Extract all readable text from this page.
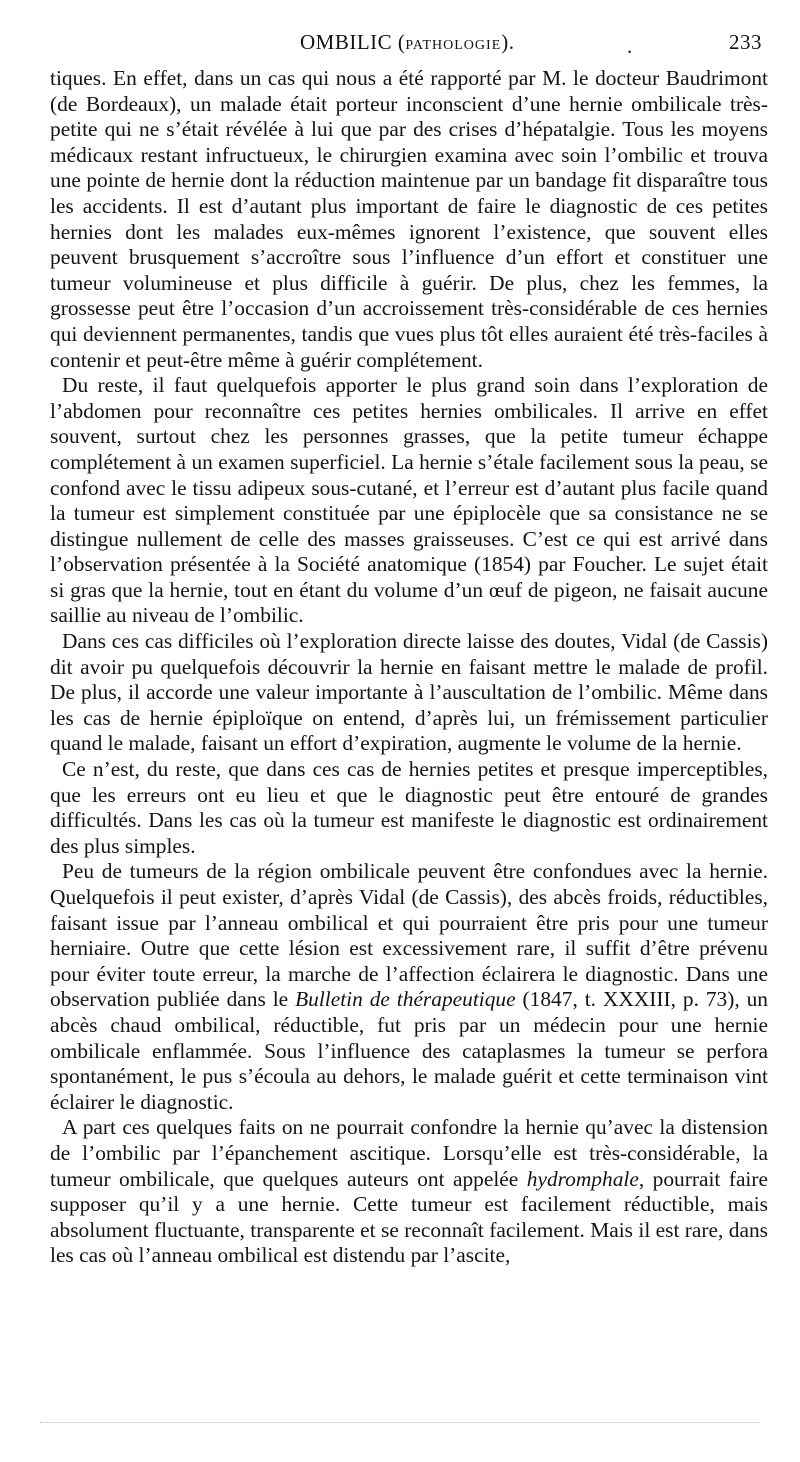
OMBILIC (PATHOLOGIE).	.	233

tiques. En effet, dans un cas qui nous a été rapporté par M. le docteur Baudrimont (de Bordeaux), un malade était porteur inconscient d’une hernie ombilicale très-petite qui ne s’était révélée à lui que par des crises d’hépatalgie. Tous les moyens médicaux restant infructueux, le chirurgien examina avec soin l’ombilic et trouva une pointe de hernie dont la réduction maintenue par un bandage fit disparaître tous les accidents. Il est d’autant plus important de faire le diagnostic de ces petites hernies dont les malades eux-mêmes ignorent l’existence, que souvent elles peuvent brusquement s’accroître sous l’influence d’un effort et constituer une tumeur volumineuse et plus difficile à guérir. De plus, chez les femmes, la grossesse peut être l’occasion d’un accroissement très-considérable de ces hernies qui deviennent permanentes, tandis que vues plus tôt elles auraient été très-faciles à contenir et peut-être même à guérir complétement.

Du reste, il faut quelquefois apporter le plus grand soin dans l’exploration de l’abdomen pour reconnaître ces petites hernies ombilicales. Il arrive en effet souvent, surtout chez les personnes grasses, que la petite tumeur échappe complétement à un examen superficiel. La hernie s’étale facilement sous la peau, se confond avec le tissu adipeux sous-cutané, et l’erreur est d’autant plus facile quand la tumeur est simplement constituée par une épiplocèle que sa consistance ne se distingue nullement de celle des masses graisseuses. C’est ce qui est arrivé dans l’observation présentée à la Société anatomique (1854) par Foucher. Le sujet était si gras que la hernie, tout en étant du volume d’un œuf de pigeon, ne faisait aucune saillie au niveau de l’ombilic.

Dans ces cas difficiles où l’exploration directe laisse des doutes, Vidal (de Cassis) dit avoir pu quelquefois découvrir la hernie en faisant mettre le malade de profil. De plus, il accorde une valeur importante à l’auscultation de l’ombilic. Même dans les cas de hernie épiploïque on entend, d’après lui, un frémissement particulier quand le malade, faisant un effort d’expiration, augmente le volume de la hernie.

Ce n’est, du reste, que dans ces cas de hernies petites et presque imperceptibles, que les erreurs ont eu lieu et que le diagnostic peut être entouré de grandes difficultés. Dans les cas où la tumeur est manifeste le diagnostic est ordinairement des plus simples.

Peu de tumeurs de la région ombilicale peuvent être confondues avec la hernie. Quelquefois il peut exister, d’après Vidal (de Cassis), des abcès froids, réductibles, faisant issue par l’anneau ombilical et qui pourraient être pris pour une tumeur herniaire. Outre que cette lésion est excessivement rare, il suffit d’être prévenu pour éviter toute erreur, la marche de l’affection éclairera le diagnostic. Dans une observation publiée dans le Bulletin de thérapeutique (1847, t. XXXIII, p. 73), un abcès chaud ombilical, réductible, fut pris par un médecin pour une hernie ombilicale enflammée. Sous l’influence des cataplasmes la tumeur se perfora spontanément, le pus s’écoula au dehors, le malade guérit et cette terminaison vint éclairer le diagnostic.

A part ces quelques faits on ne pourrait confondre la hernie qu’avec la distension de l’ombilic par l’épanchement ascitique. Lorsqu’elle est très-considérable, la tumeur ombilicale, que quelques auteurs ont appelée hydromphale, pourrait faire supposer qu’il y a une hernie. Cette tumeur est facilement réductible, mais absolument fluctuante, transparente et se reconnaît facilement. Mais il est rare, dans les cas où l’anneau ombilical est distendu par l’ascite,
